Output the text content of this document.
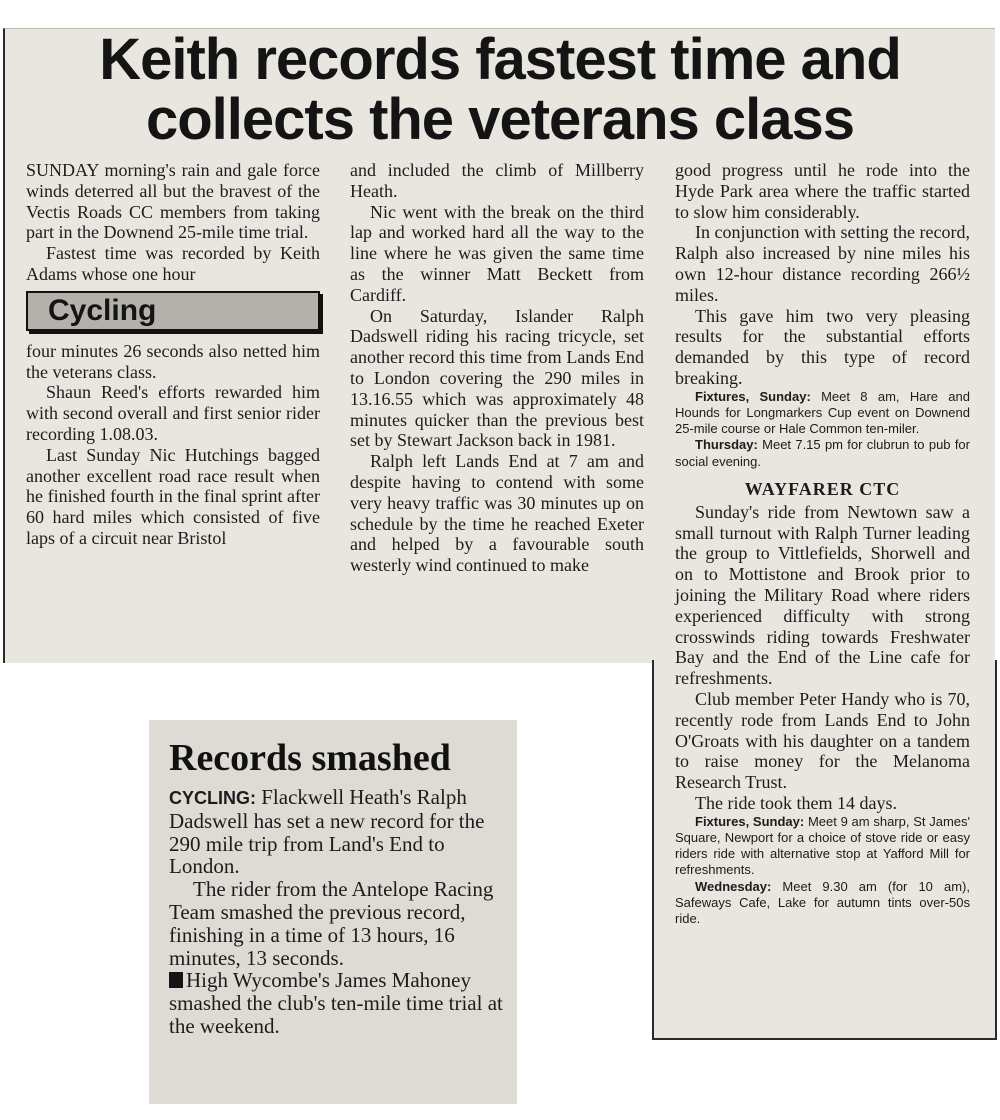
Keith records fastest time and
collects the veterans class

SUNDAY morning's rain and gale force winds deterred all but the bravest of the Vectis Roads CC members from taking part in the Downend 25-mile time trial.

Fastest time was recorded by Keith Adams whose one hour

Cycling

four minutes 26 seconds also netted him the veterans class.

Shaun Reed's efforts rewarded him with second overall and first senior rider recording 1.08.03.

Last Sunday Nic Hutchings bagged another excellent road race result when he finished fourth in the final sprint after 60 hard miles which consisted of five laps of a circuit near Bristol

and included the climb of Millberry Heath.

Nic went with the break on the third lap and worked hard all the way to the line where he was given the same time as the winner Matt Beckett from Cardiff.

On Saturday, Islander Ralph Dadswell riding his racing tricycle, set another record this time from Lands End to London covering the 290 miles in 13.16.55 which was approximately 48 minutes quicker than the previous best set by Stewart Jackson back in 1981.

Ralph left Lands End at 7 am and despite having to contend with some very heavy traffic was 30 minutes up on schedule by the time he reached Exeter and helped by a favourable south westerly wind continued to make

good progress until he rode into the Hyde Park area where the traffic started to slow him considerably.

In conjunction with setting the record, Ralph also increased by nine miles his own 12-hour distance recording 266½ miles.

This gave him two very pleasing results for the substantial efforts demanded by this type of record breaking.

Fixtures, Sunday: Meet 8 am, Hare and Hounds for Longmarkers Cup event on Downend 25-mile course or Hale Common ten-miler.

Thursday: Meet 7.15 pm for clubrun to pub for social evening.

WAYFARER CTC

Sunday's ride from Newtown saw a small turnout with Ralph Turner leading the group to Vittlefields, Shorwell and on to Mottistone and Brook prior to joining the Military Road where riders experienced difficulty with strong crosswinds riding towards Freshwater Bay and the End of the Line cafe for refreshments.

Club member Peter Handy who is 70, recently rode from Lands End to John O'Groats with his daughter on a tandem to raise money for the Melanoma Research Trust.

The ride took them 14 days.

Fixtures, Sunday: Meet 9 am sharp, St James' Square, Newport for a choice of stove ride or easy riders ride with alternative stop at Yafford Mill for refreshments.

Wednesday: Meet 9.30 am (for 10 am), Safeways Cafe, Lake for autumn tints over-50s ride.

Records smashed

CYCLING: Flackwell Heath's Ralph Dadswell has set a new record for the 290 mile trip from Land's End to London.

The rider from the Antelope Racing Team smashed the previous record, finishing in a time of 13 hours, 16 minutes, 13 seconds.

High Wycombe's James Mahoney smashed the club's ten-mile time trial at the weekend.
